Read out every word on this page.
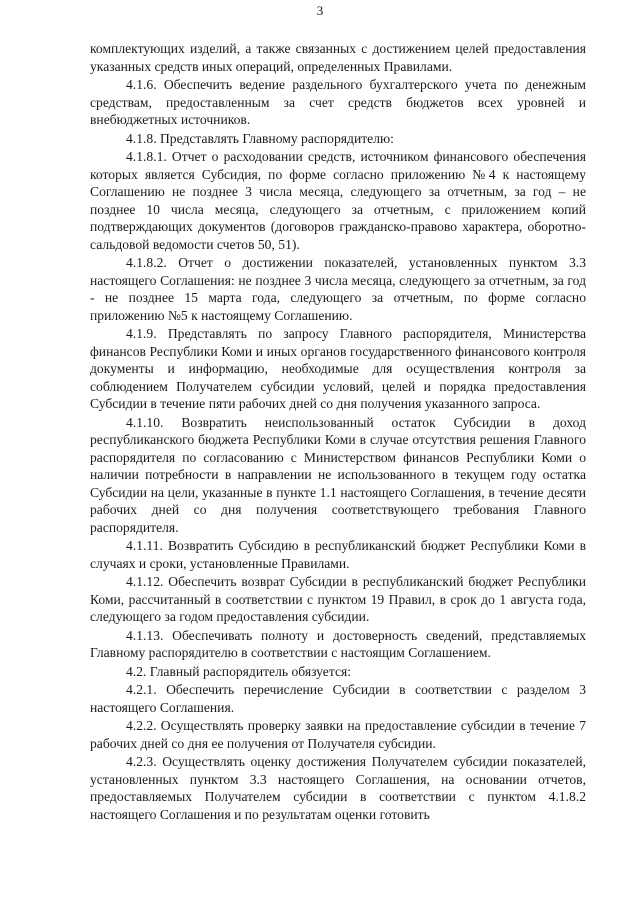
3

комплектующих изделий, а также связанных с достижением целей предоставления указанных средств иных операций, определенных Правилами.

4.1.6. Обеспечить ведение раздельного бухгалтерского учета по денежным средствам, предоставленным за счет средств бюджетов всех уровней и внебюджетных источников.

4.1.8. Представлять Главному распорядителю:

4.1.8.1. Отчет о расходовании средств, источником финансового обеспечения которых является Субсидия, по форме согласно приложению №4 к настоящему Соглашению не позднее 3 числа месяца, следующего за отчетным, за год – не позднее 10 числа месяца, следующего за отчетным, с приложением копий подтверждающих документов (договоров гражданско-правово характера, оборотно-сальдовой ведомости счетов 50, 51).

4.1.8.2. Отчет о достижении показателей, установленных пунктом 3.3 настоящего Соглашения: не позднее 3 числа месяца, следующего за отчетным, за год - не позднее 15 марта года, следующего за отчетным, по форме согласно приложению №5 к настоящему Соглашению.

4.1.9. Представлять по запросу Главного распорядителя, Министерства финансов Республики Коми и иных органов государственного финансового контроля документы и информацию, необходимые для осуществления контроля за соблюдением Получателем субсидии условий, целей и порядка предоставления Субсидии в течение пяти рабочих дней со дня получения указанного запроса.

4.1.10. Возвратить неиспользованный остаток Субсидии в доход республиканского бюджета Республики Коми в случае отсутствия решения Главного распорядителя по согласованию с Министерством финансов Республики Коми о наличии потребности в направлении не использованного в текущем году остатка Субсидии на цели, указанные в пункте 1.1 настоящего Соглашения, в течение десяти рабочих дней со дня получения соответствующего требования Главного распорядителя.

4.1.11. Возвратить Субсидию в республиканский бюджет Республики Коми в случаях и сроки, установленные Правилами.

4.1.12. Обеспечить возврат Субсидии в республиканский бюджет Республики Коми, рассчитанный в соответствии с пунктом 19 Правил, в срок до 1 августа года, следующего за годом предоставления субсидии.

4.1.13. Обеспечивать полноту и достоверность сведений, представляемых Главному распорядителю в соответствии с настоящим Соглашением.

4.2. Главный распорядитель обязуется:

4.2.1. Обеспечить перечисление Субсидии в соответствии с разделом 3 настоящего Соглашения.

4.2.2. Осуществлять проверку заявки на предоставление субсидии в течение 7 рабочих дней со дня ее получения от Получателя субсидии.

4.2.3. Осуществлять оценку достижения Получателем субсидии показателей, установленных пунктом 3.3 настоящего Соглашения, на основании отчетов, предоставляемых Получателем субсидии в соответствии с пунктом 4.1.8.2 настоящего Соглашения и по результатам оценки готовить
